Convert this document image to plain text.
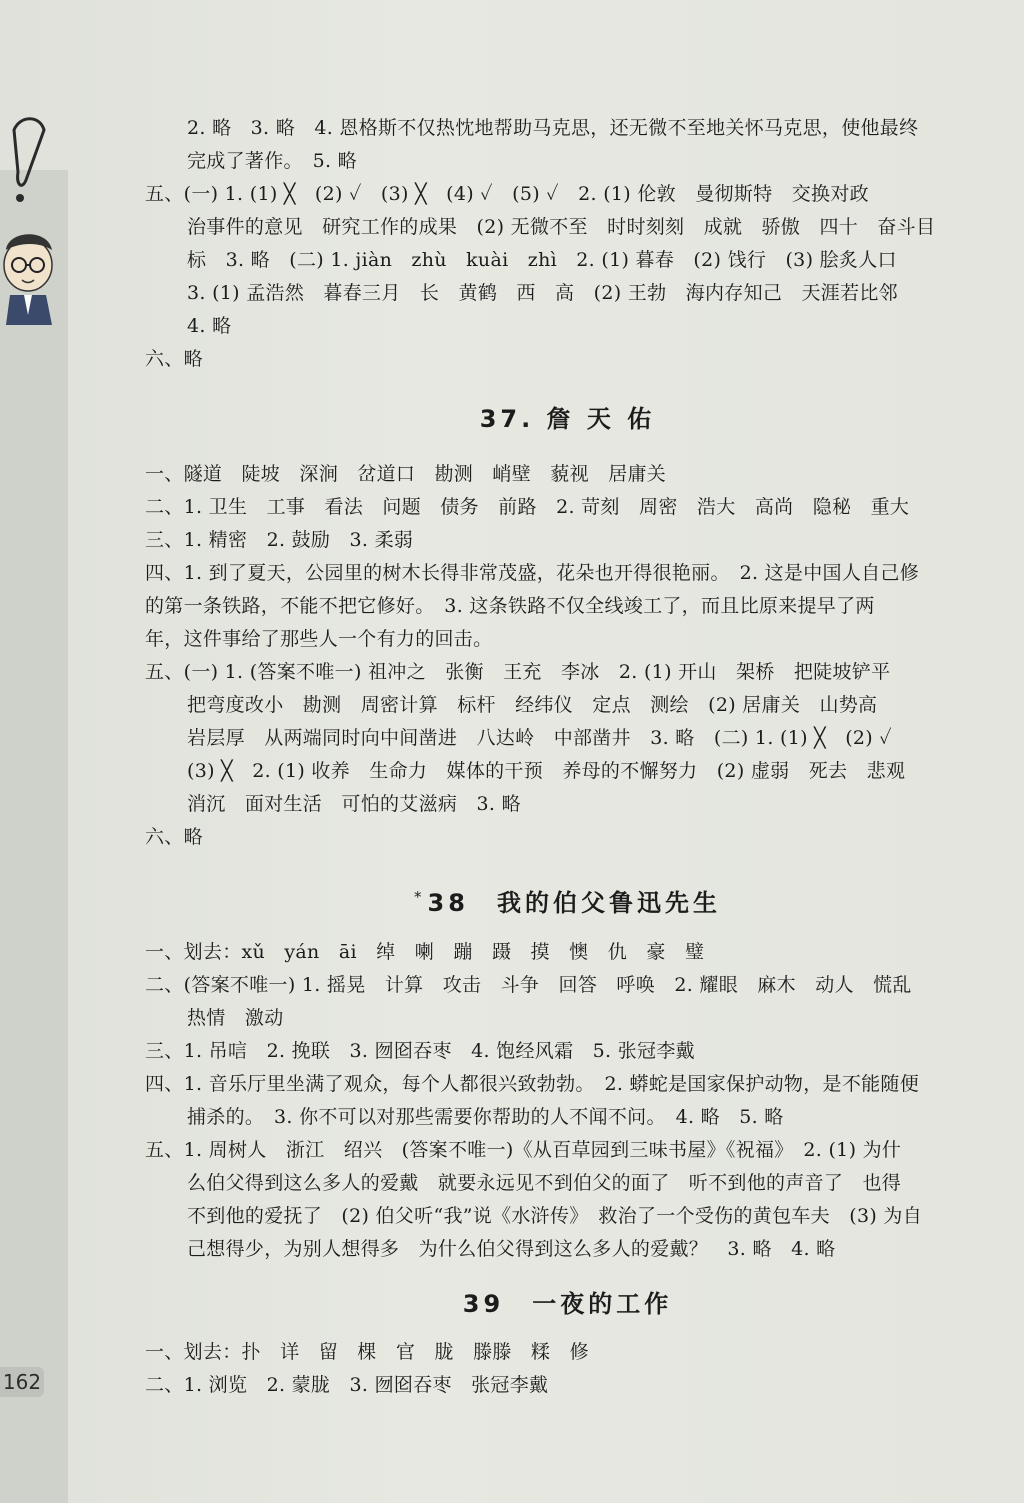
162
2. 略　3. 略　4. 恩格斯不仅热忱地帮助马克思，还无微不至地关怀马克思，使他最终
完成了著作。　5. 略
五、(一) 1. (1) ╳　(2) ✓　(3) ╳　(4) ✓　(5) ✓　2. (1) 伦敦　曼彻斯特　交换对政
治事件的意见　研究工作的成果　(2) 无微不至　时时刻刻　成就　骄傲　四十　奋斗目
标　3. 略　(二) 1. jiàn　zhù　kuài　zhì　2. (1) 暮春　(2) 饯行　(3) 脍炙人口
3. (1) 孟浩然　暮春三月　长　黄鹤　西　高　(2) 王勃　海内存知己　天涯若比邻
4. 略
六、略
37. 詹 天 佑
一、隧道　陡坡　深涧　岔道口　勘测　峭壁　藐视　居庸关
二、1. 卫生　工事　看法　问题　债务　前路　2. 苛刻　周密　浩大　高尚　隐秘　重大
三、1. 精密　2. 鼓励　3. 柔弱
四、1. 到了夏天，公园里的树木长得非常茂盛，花朵也开得很艳丽。　2. 这是中国人自己修
的第一条铁路，不能不把它修好。　3. 这条铁路不仅全线竣工了，而且比原来提早了两
年，这件事给了那些人一个有力的回击。
五、(一) 1. (答案不唯一) 祖冲之　张衡　王充　李冰　2. (1) 开山　架桥　把陡坡铲平
把弯度改小　勘测　周密计算　标杆　经纬仪　定点　测绘　(2) 居庸关　山势高
岩层厚　从两端同时向中间凿进　八达岭　中部凿井　3. 略　(二) 1. (1) ╳　(2) ✓
(3) ╳　2. (1) 收养　生命力　媒体的干预　养母的不懈努力　(2) 虚弱　死去　悲观
消沉　面对生活　可怕的艾滋病　3. 略
六、略
*38　我的伯父鲁迅先生
一、划去：xǔ　yán　āi　绰　喇　蹦　蹑　摸　懊　仇　豪　璧
二、(答案不唯一) 1. 摇晃　计算　攻击　斗争　回答　呼唤　2. 耀眼　麻木　动人　慌乱
热情　激动
三、1. 吊唁　2. 挽联　3. 囫囵吞枣　4. 饱经风霜　5. 张冠李戴
四、1. 音乐厅里坐满了观众，每个人都很兴致勃勃。　2. 蟒蛇是国家保护动物，是不能随便
捕杀的。　3. 你不可以对那些需要你帮助的人不闻不问。　4. 略　5. 略
五、1. 周树人　浙江　绍兴　(答案不唯一)《从百草园到三味书屋》《祝福》　2. (1) 为什
么伯父得到这么多人的爱戴　就要永远见不到伯父的面了　听不到他的声音了　也得
不到他的爱抚了　(2) 伯父听“我”说《水浒传》　救治了一个受伤的黄包车夫　(3) 为自
己想得少，为别人想得多　为什么伯父得到这么多人的爱戴？　3. 略　4. 略
39　一夜的工作
一、划去：扑　详　留　棵　官　胧　滕滕　糅　修
二、1. 浏览　2. 蒙胧　3. 囫囵吞枣　张冠李戴
